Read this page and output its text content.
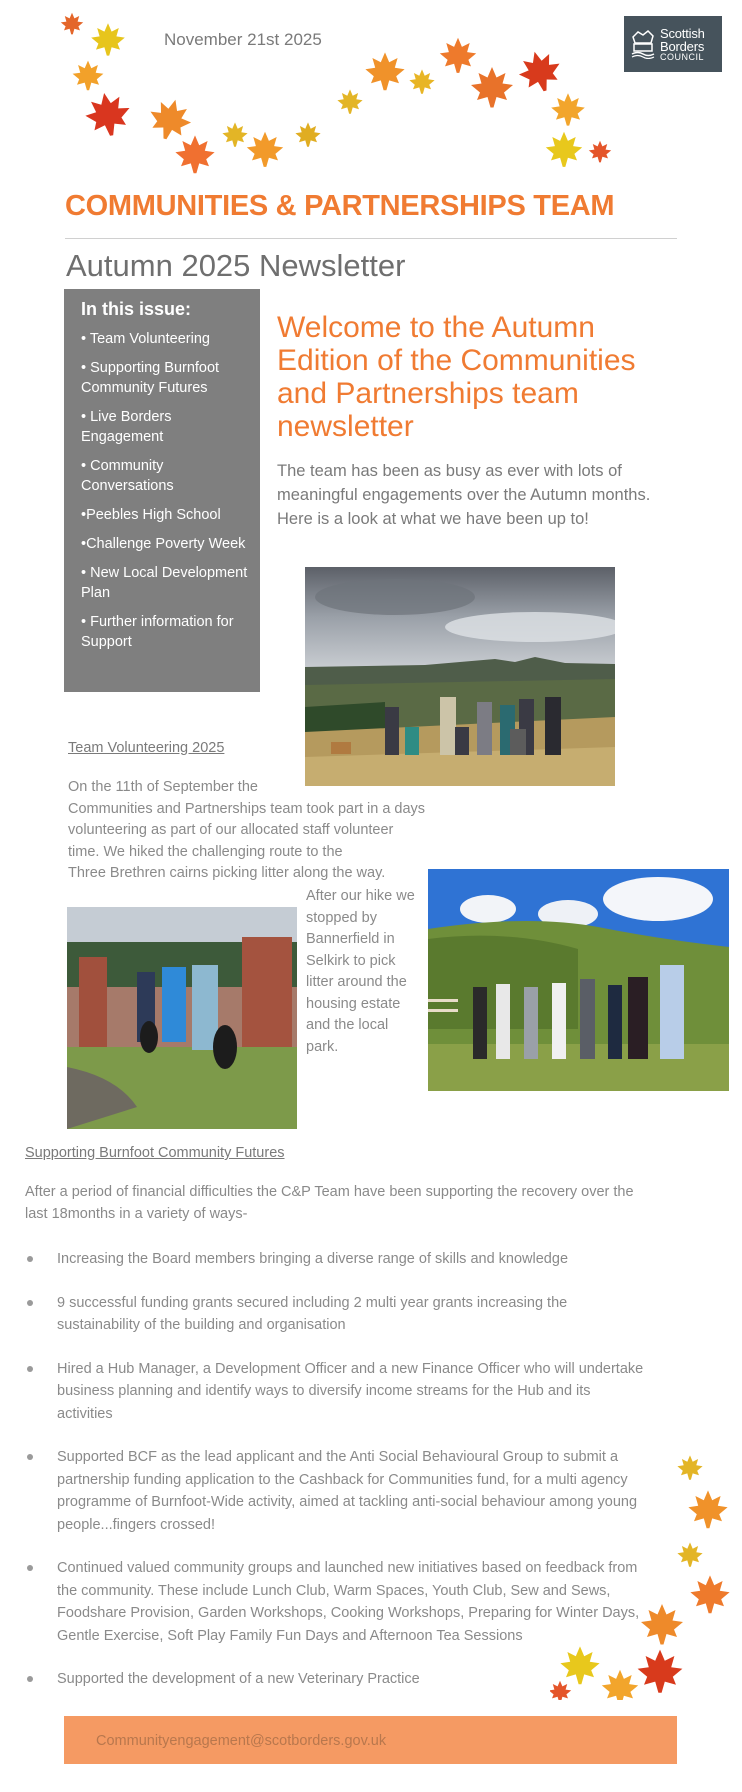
November 21st 2025	Scottish
Borders
COUNCIL
COMMUNITIES & PARTNERSHIPS TEAM
Autumn 2025 Newsletter
In this issue:
• Team Volunteering
• Supporting Burnfoot Community Futures
• Live Borders Engagement
• Community Conversations
•Peebles High School
•Challenge Poverty Week
• New Local Development Plan
• Further information for Support
Welcome to the Autumn Edition of the Communities and Partnerships team newsletter
The team has been as busy as ever with lots of meaningful engagements over the Autumn months. Here is a look at what we have been up to!
Team Volunteering 2025
On the 11th of September the
Communities and Partnerships team took part in a days
volunteering as part of our allocated staff volunteer
time. We hiked the challenging route to the
Three Brethren cairns picking litter along the way.
After our hike we stopped by Bannerfield in Selkirk to pick litter around the housing estate and the local park.
Supporting Burnfoot Community Futures
After a period of financial difficulties the C&P Team have been supporting the recovery over the last 18months in a variety of ways-
Increasing the Board members bringing a diverse range of skills and knowledge
9 successful funding grants secured including 2 multi year grants increasing the sustainability of the building and organisation
Hired a Hub Manager, a Development Officer and a new Finance Officer who will undertake business planning and identify ways to diversify income streams for the Hub and its activities
Supported BCF as the lead applicant and the Anti Social Behavioural Group to submit a partnership funding application to the Cashback for Communities fund, for a multi agency programme of Burnfoot-Wide activity, aimed at tackling anti-social behaviour among young people...fingers crossed!
Continued valued community groups and launched new initiatives based on feedback from the community. These include Lunch Club, Warm Spaces, Youth Club, Sew and Sews, Foodshare Provision, Garden Workshops, Cooking Workshops, Preparing for Winter Days, Gentle Exercise, Soft Play Family Fun Days and Afternoon Tea Sessions
Supported the development of a new Veterinary Practice
Communityengagement@scotborders.gov.uk
